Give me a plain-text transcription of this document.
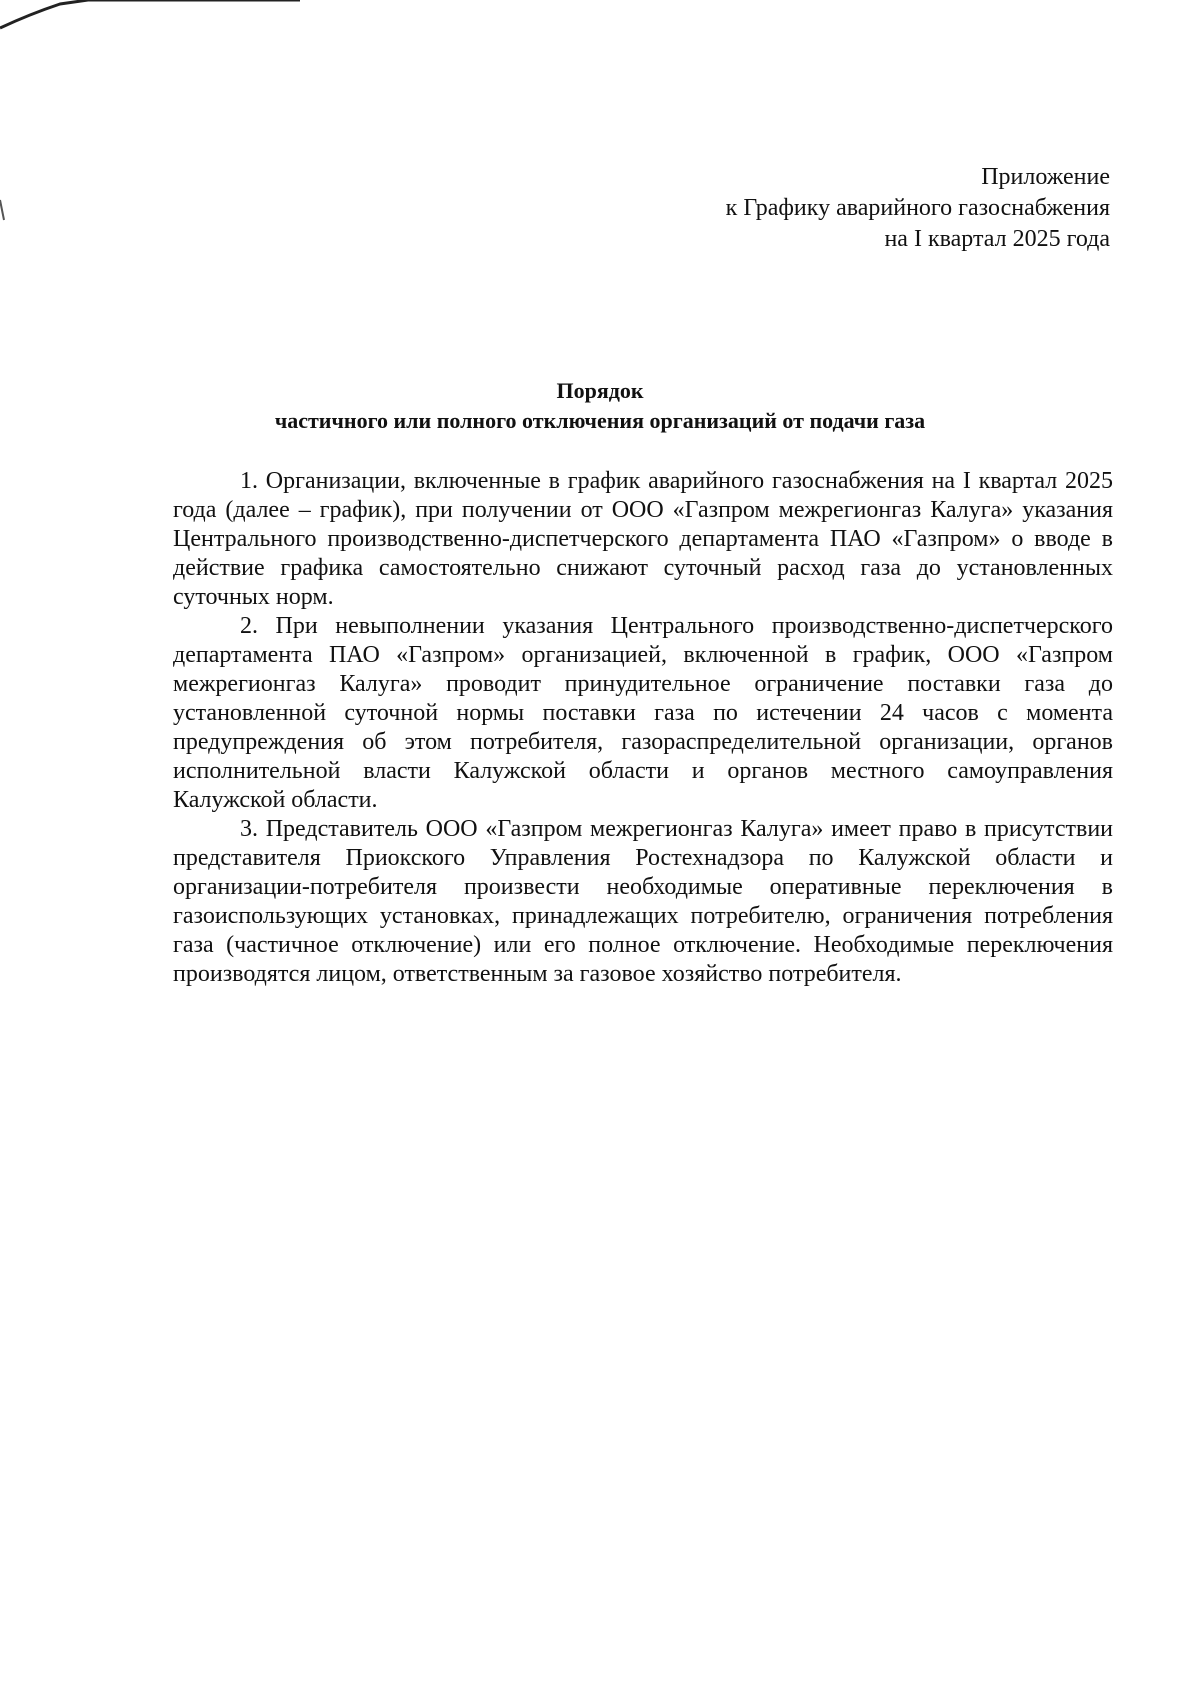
Приложение
к Графику аварийного газоснабжения
на I квартал 2025 года
Порядок
частичного или полного отключения организаций от подачи газа

1. Организации, включенные в график аварийного газоснабжения на I квартал 2025 года (далее – график), при получении от ООО «Газпром межрегионгаз Калуга» указания Центрального производственно-диспетчерского департамента ПАО «Газпром» о вводе в действие графика самостоятельно снижают суточный расход газа до установленных суточных норм.

2. При невыполнении указания Центрального производственно-диспетчерского департамента ПАО «Газпром» организацией, включенной в график, ООО «Газпром межрегионгаз Калуга» проводит принудительное ограничение поставки газа до установленной суточной нормы поставки газа по истечении 24 часов с момента предупреждения об этом потребителя, газораспределительной организации, органов исполнительной власти Калужской области и органов местного самоуправления Калужской области.

3. Представитель ООО «Газпром межрегионгаз Калуга» имеет право в присутствии представителя Приокского Управления Ростехнадзора по Калужской области и организации-потребителя произвести необходимые оперативные переключения в газоиспользующих установках, принадлежащих потребителю, ограничения потребления газа (частичное отключение) или его полное отключение. Необходимые переключения производятся лицом, ответственным за газовое хозяйство потребителя.
